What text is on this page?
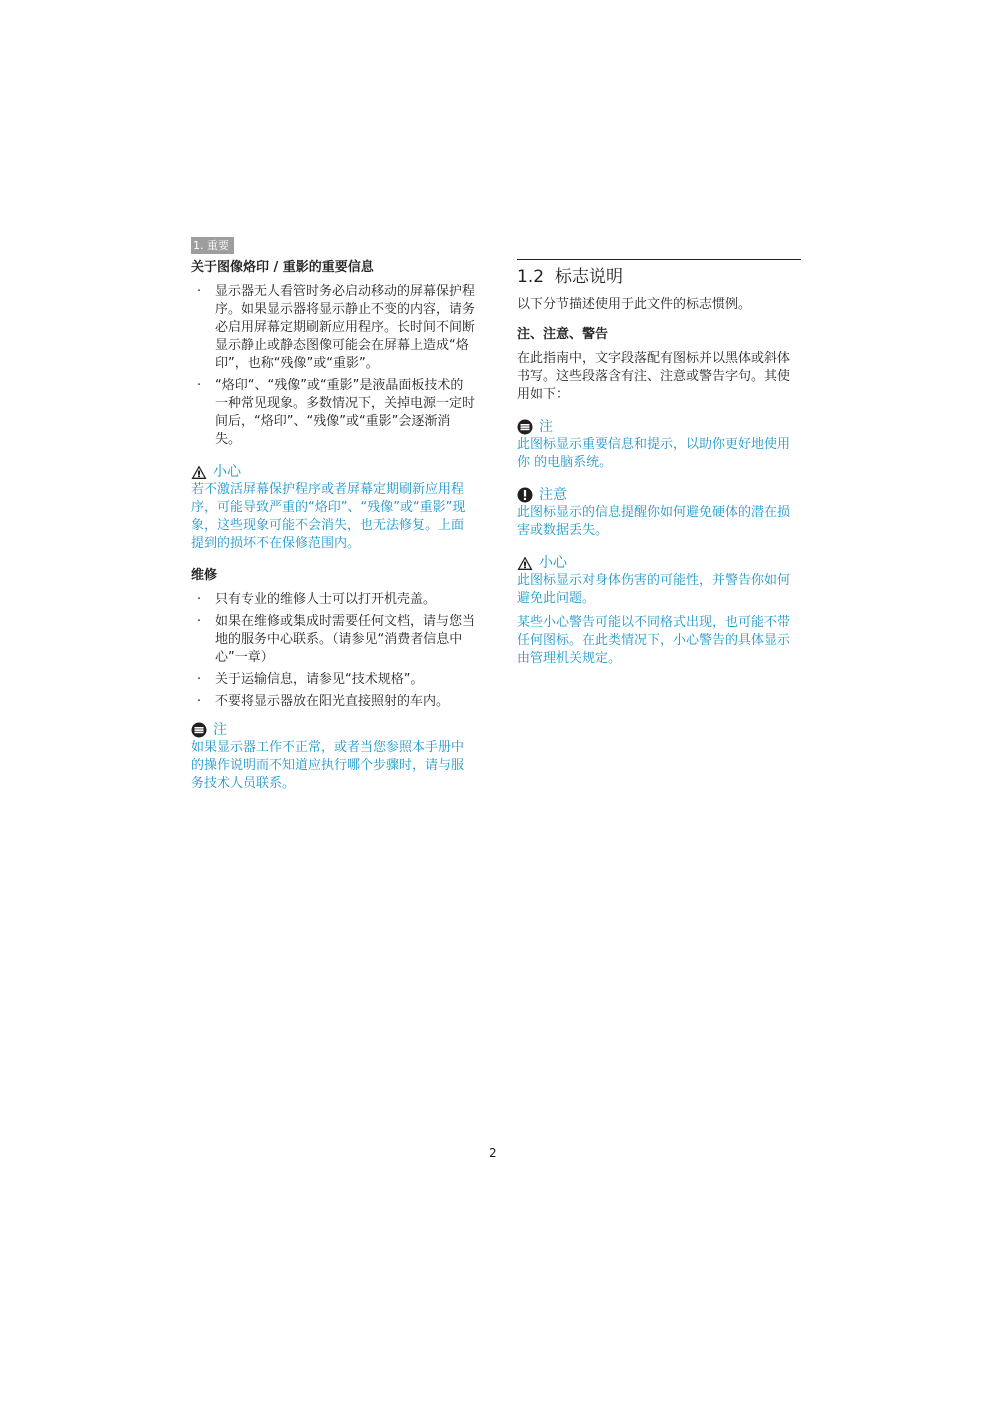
1. 重要
关于图像烙印 / 重影的重要信息
· 显示器无人看管时务必启动移动的屏幕保护程序。如果显示器将显示静止不变的内容，请务必启用屏幕定期刷新应用程序。长时间不间断显示静止或静态图像可能会在屏幕上造成“烙印”，也称“残像”或“重影”。
· “烙印“、“残像”或“重影”是液晶面板技术的一种常见现象。多数情况下，关掉电源一定时间后，“烙印”、“残像”或“重影”会逐渐消失。
小心

若不激活屏幕保护程序或者屏幕定期刷新应用程序，可能导致严重的“烙印”、“残像”或“重影”现象，这些现象可能不会消失，也无法修复。上面提到的损坏不在保修范围内。

维修
· 只有专业的维修人士可以打开机壳盖。
· 如果在维修或集成时需要任何文档，请与您当地的服务中心联系。（请参见“消费者信息中心”一章）
· 关于运输信息，请参见“技术规格”。
· 不要将显示器放在阳光直接照射的车内。
注

如果显示器工作不正常，或者当您参照本手册中的操作说明而不知道应执行哪个步骤时，请与服务技术人员联系。

1.2 标志说明

以下分节描述使用于此文件的标志惯例。

注、注意、警告

在此指南中，文字段落配有图标并以黑体或斜体书写。这些段落含有注、注意或警告字句。其使用如下：

注

此图标显示重要信息和提示，以助你更好地使用你 的电脑系统。

注意

此图标显示的信息提醒你如何避免硬体的潜在损害或数据丢失。

小心

此图标显示对身体伤害的可能性，并警告你如何避免此问题。

某些小心警告可能以不同格式出现，也可能不带任何图标。在此类情况下，小心警告的具体显示由管理机关规定。

2
